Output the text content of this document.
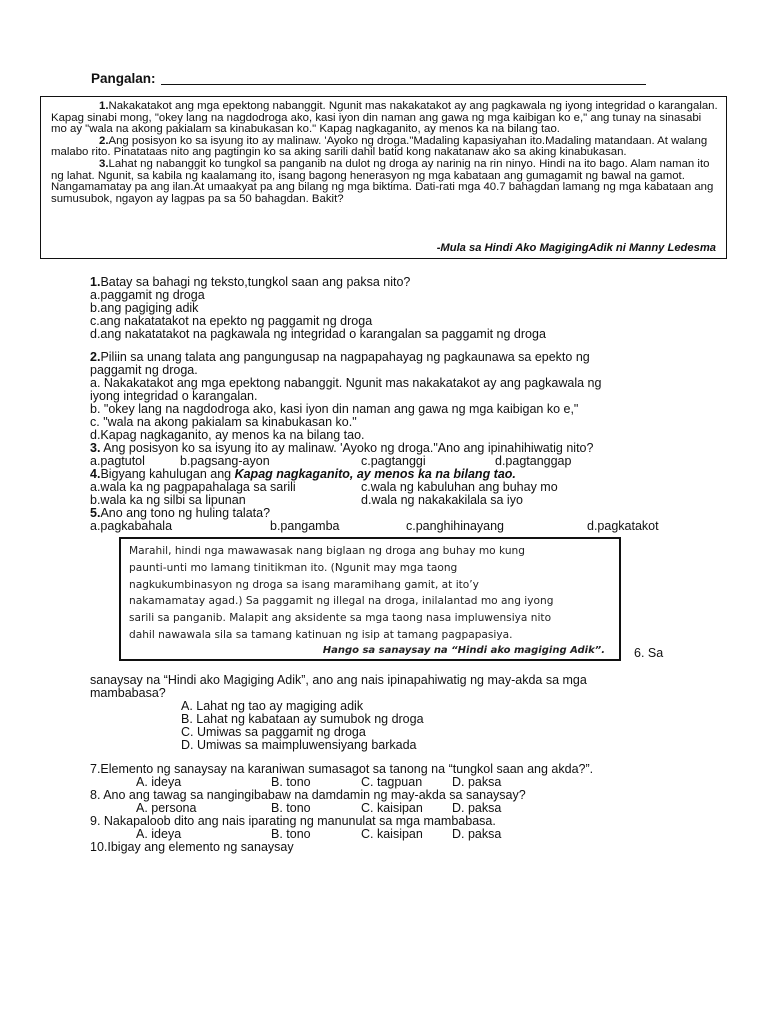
Pangalan:

1.Nakakatakot ang mga epektong nabanggit. Ngunit mas nakakatakot ay ang pagkawala ng iyong integridad o karangalan. Kapag sinabi mong, "okey lang na nagdodroga ako, kasi iyon din naman ang gawa ng mga kaibigan ko e," ang tunay na sinasabi mo ay "wala na akong pakialam sa kinabukasan ko." Kapag nagkaganito, ay menos ka na bilang tao.

2.Ang posisyon ko sa isyung ito ay malinaw. 'Ayoko ng droga."Madaling kapasiyahan ito.Madaling matandaan. At walang malabo rito. Pinatataas nito ang pagtingin ko sa aking sarili dahil batid kong nakatanaw ako sa aking kinabukasan.

3.Lahat ng nabanggit ko tungkol sa panganib na dulot ng droga ay narinig na rin ninyo. Hindi na ito bago. Alam naman ito ng lahat. Ngunit, sa kabila ng kaalamang ito, isang bagong henerasyon ng mga kabataan ang gumagamit ng bawal na gamot. Nangamamatay pa ang ilan.At umaakyat pa ang bilang ng mga biktima. Dati-rati mga 40.7 bahagdan lamang ng mga kabataan ang sumusubok, ngayon ay lagpas pa sa 50 bahagdan. Bakit?

-Mula sa Hindi Ako MagigingAdik ni Manny Ledesma
1.Batay sa bahagi ng teksto,tungkol saan ang paksa nito?
a.paggamit ng droga
b.ang pagiging adik
c.ang nakatatakot na epekto ng paggamit ng droga
d.ang nakatatakot na pagkawala ng integridad o karangalan sa paggamit ng droga
2.Piliin sa unang talata ang pangungusap na nagpapahayag ng pagkaunawa sa epekto ng
paggamit ng droga.
a. Nakakatakot ang mga epektong nabanggit. Ngunit mas nakakatakot ay ang pagkawala ng
iyong integridad o karangalan.
b. "okey lang na nagdodroga ako, kasi iyon din naman ang gawa ng mga kaibigan ko e,"
c. "wala na akong pakialam sa kinabukasan ko."
d.Kapag nagkaganito, ay menos ka na bilang tao.
3. Ang posisyon ko sa isyung ito ay malinaw. 'Ayoko ng droga."Ano ang ipinahihiwatig nito?
a.pagtutol	b.pagsang-ayon	c.pagtanggi	d.pagtanggap
4.Bigyang kahulugan ang Kapag nagkaganito, ay menos ka na bilang tao.
a.wala ka ng pagpapahalaga sa sarili	c.wala ng kabuluhan ang buhay mo
b.wala ka ng silbi sa lipunan	d.wala ng nakakakilala sa iyo
5.Ano ang tono ng huling talata?
a.pagkabahala	b.pangamba	c.panghihinayang	d.pagkatakot
Marahil, hindi nga mawawasak nang biglaan ng droga ang buhay mo kung
paunti-unti mo lamang tinitikman ito. (Ngunit may mga taong
nagkukumbinasyon ng droga sa isang maramihang gamit, at ito’y
nakamamatay agad.) Sa paggamit ng illegal na droga, inilalantad mo ang iyong
sarili sa panganib. Malapit ang aksidente sa mga taong nasa impluwensiya nito
dahil nawawala sila sa tamang katinuan ng isip at tamang pagpapasiya.
Hango sa sanaysay na “Hindi ako magiging Adik”. 6. Sa
sanaysay na “Hindi ako Magiging Adik”, ano ang nais ipinapahiwatig ng may-akda sa mga
mambabasa?
A. Lahat ng tao ay magiging adik
B. Lahat ng kabataan ay sumubok ng droga
C. Umiwas sa paggamit ng droga
D. Umiwas sa maimpluwensiyang barkada
7.Elemento ng sanaysay na karaniwan sumasagot sa tanong na “tungkol saan ang akda?”.
A. ideya	B. tono	C. tagpuan D. paksa
8. Ano ang tawag sa nangingibabaw na damdamin ng may-akda sa sanaysay?
A. persona	B. tono	C. kaisipan D. paksa
9. Nakapaloob dito ang nais iparating ng manunulat sa mga mambabasa.
A. ideya	B. tono	C. kaisipan D. paksa
10.Ibigay ang elemento ng sanaysay
